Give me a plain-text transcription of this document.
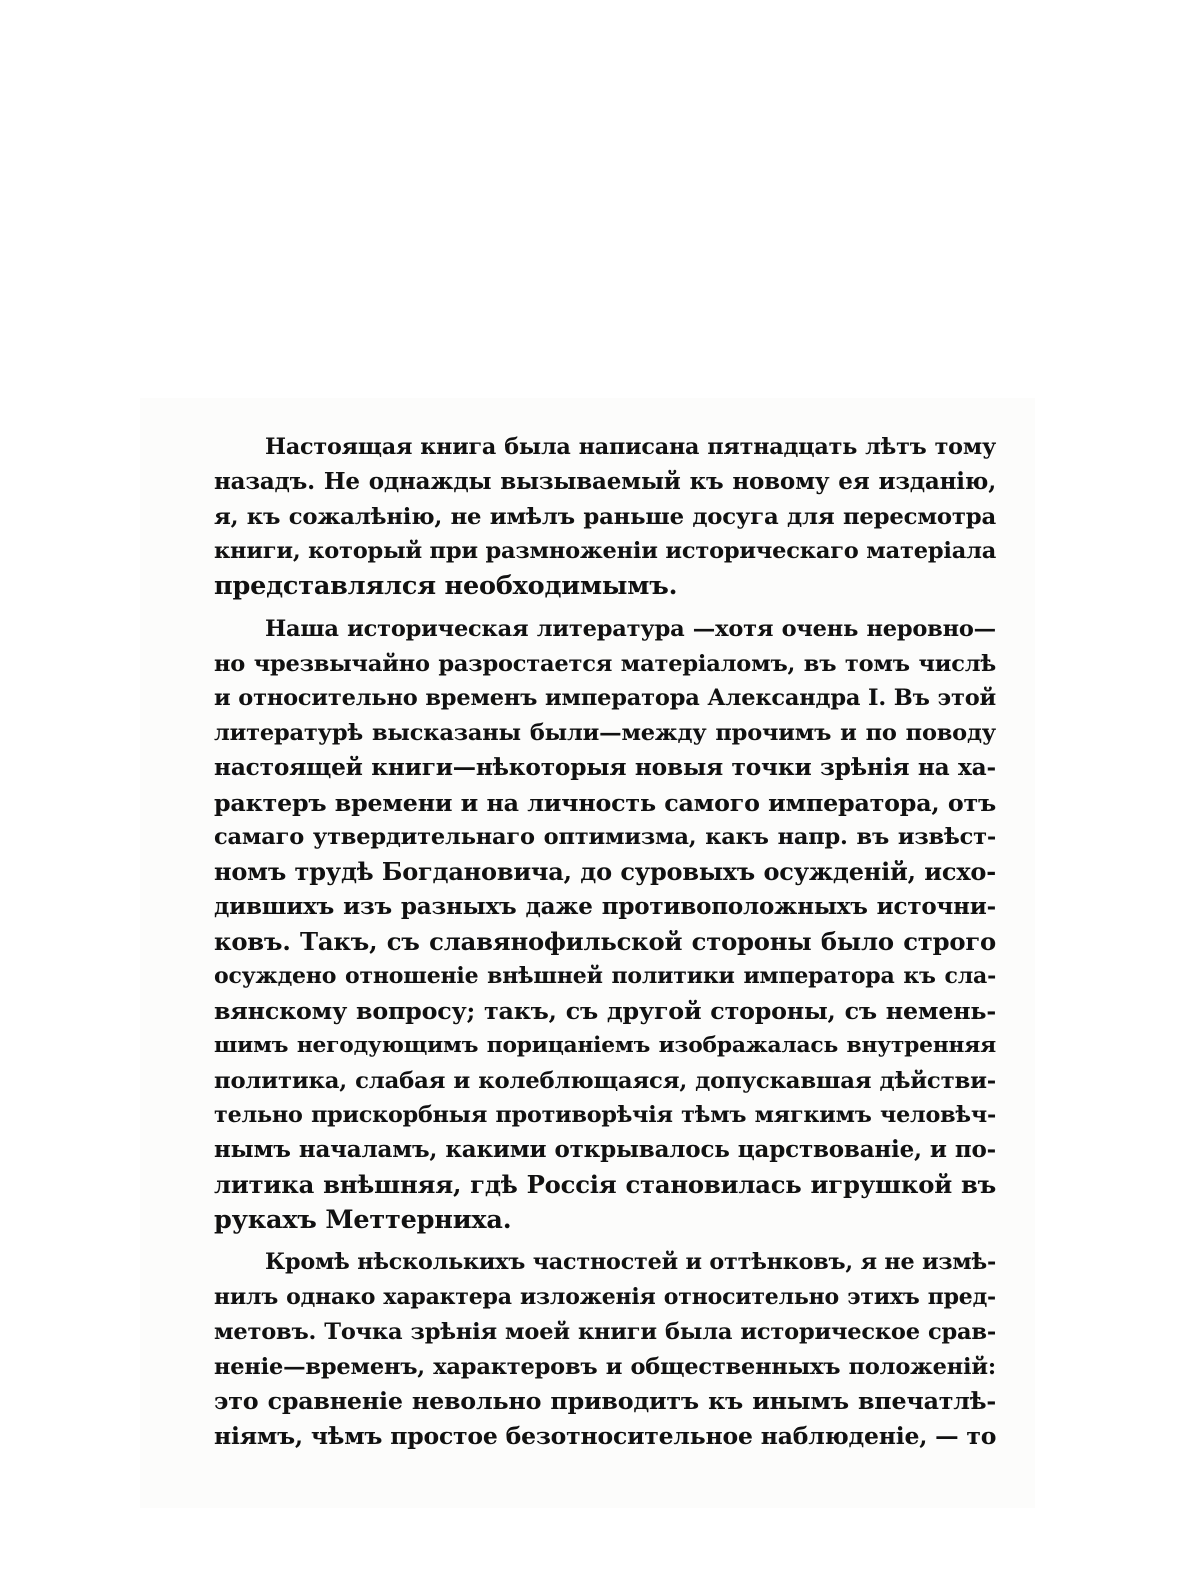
Настоящая книга была написана пятнадцать лѣтъ тому
назадъ. Не однажды вызываемый къ новому ея изданію,
я, къ сожалѣнію, не имѣлъ раньше досуга для пересмотра
книги, который при размноженіи историческаго матеріала
представлялся необходимымъ.
Наша историческая литература —хотя очень неровно—
но чрезвычайно разростается матеріаломъ, въ томъ числѣ
и относительно временъ императора Александра I. Въ этой
литературѣ высказаны были—между прочимъ и по поводу
настоящей книги—нѣкоторыя новыя точки зрѣнія на ха-
рактеръ времени и на личность самого императора, отъ
самаго утвердительнаго оптимизма, какъ напр. въ извѣст-
номъ трудѣ Богдановича, до суровыхъ осужденій, исхо-
дившихъ изъ разныхъ даже противоположныхъ источни-
ковъ. Такъ, съ славянофильской стороны было строго
осуждено отношеніе внѣшней политики императора къ сла-
вянскому вопросу; такъ, съ другой стороны, съ немень-
шимъ негодующимъ порицаніемъ изображалась внутренняя
политика, слабая и колеблющаяся, допускавшая дѣйстви-
тельно прискорбныя противорѣчія тѣмъ мягкимъ человѣч-
нымъ началамъ, какими открывалось царствованіе, и по-
литика внѣшняя, гдѣ Россія становилась игрушкой въ
рукахъ Меттерниха.
Кромѣ нѣсколькихъ частностей и оттѣнковъ, я не измѣ-
нилъ однако характера изложенія относительно этихъ пред-
метовъ. Точка зрѣнія моей книги была историческое срав-
неніе—временъ, характеровъ и общественныхъ положеній:
это сравненіе невольно приводитъ къ инымъ впечатлѣ-
ніямъ, чѣмъ простое безотносительное наблюденіе, — то
